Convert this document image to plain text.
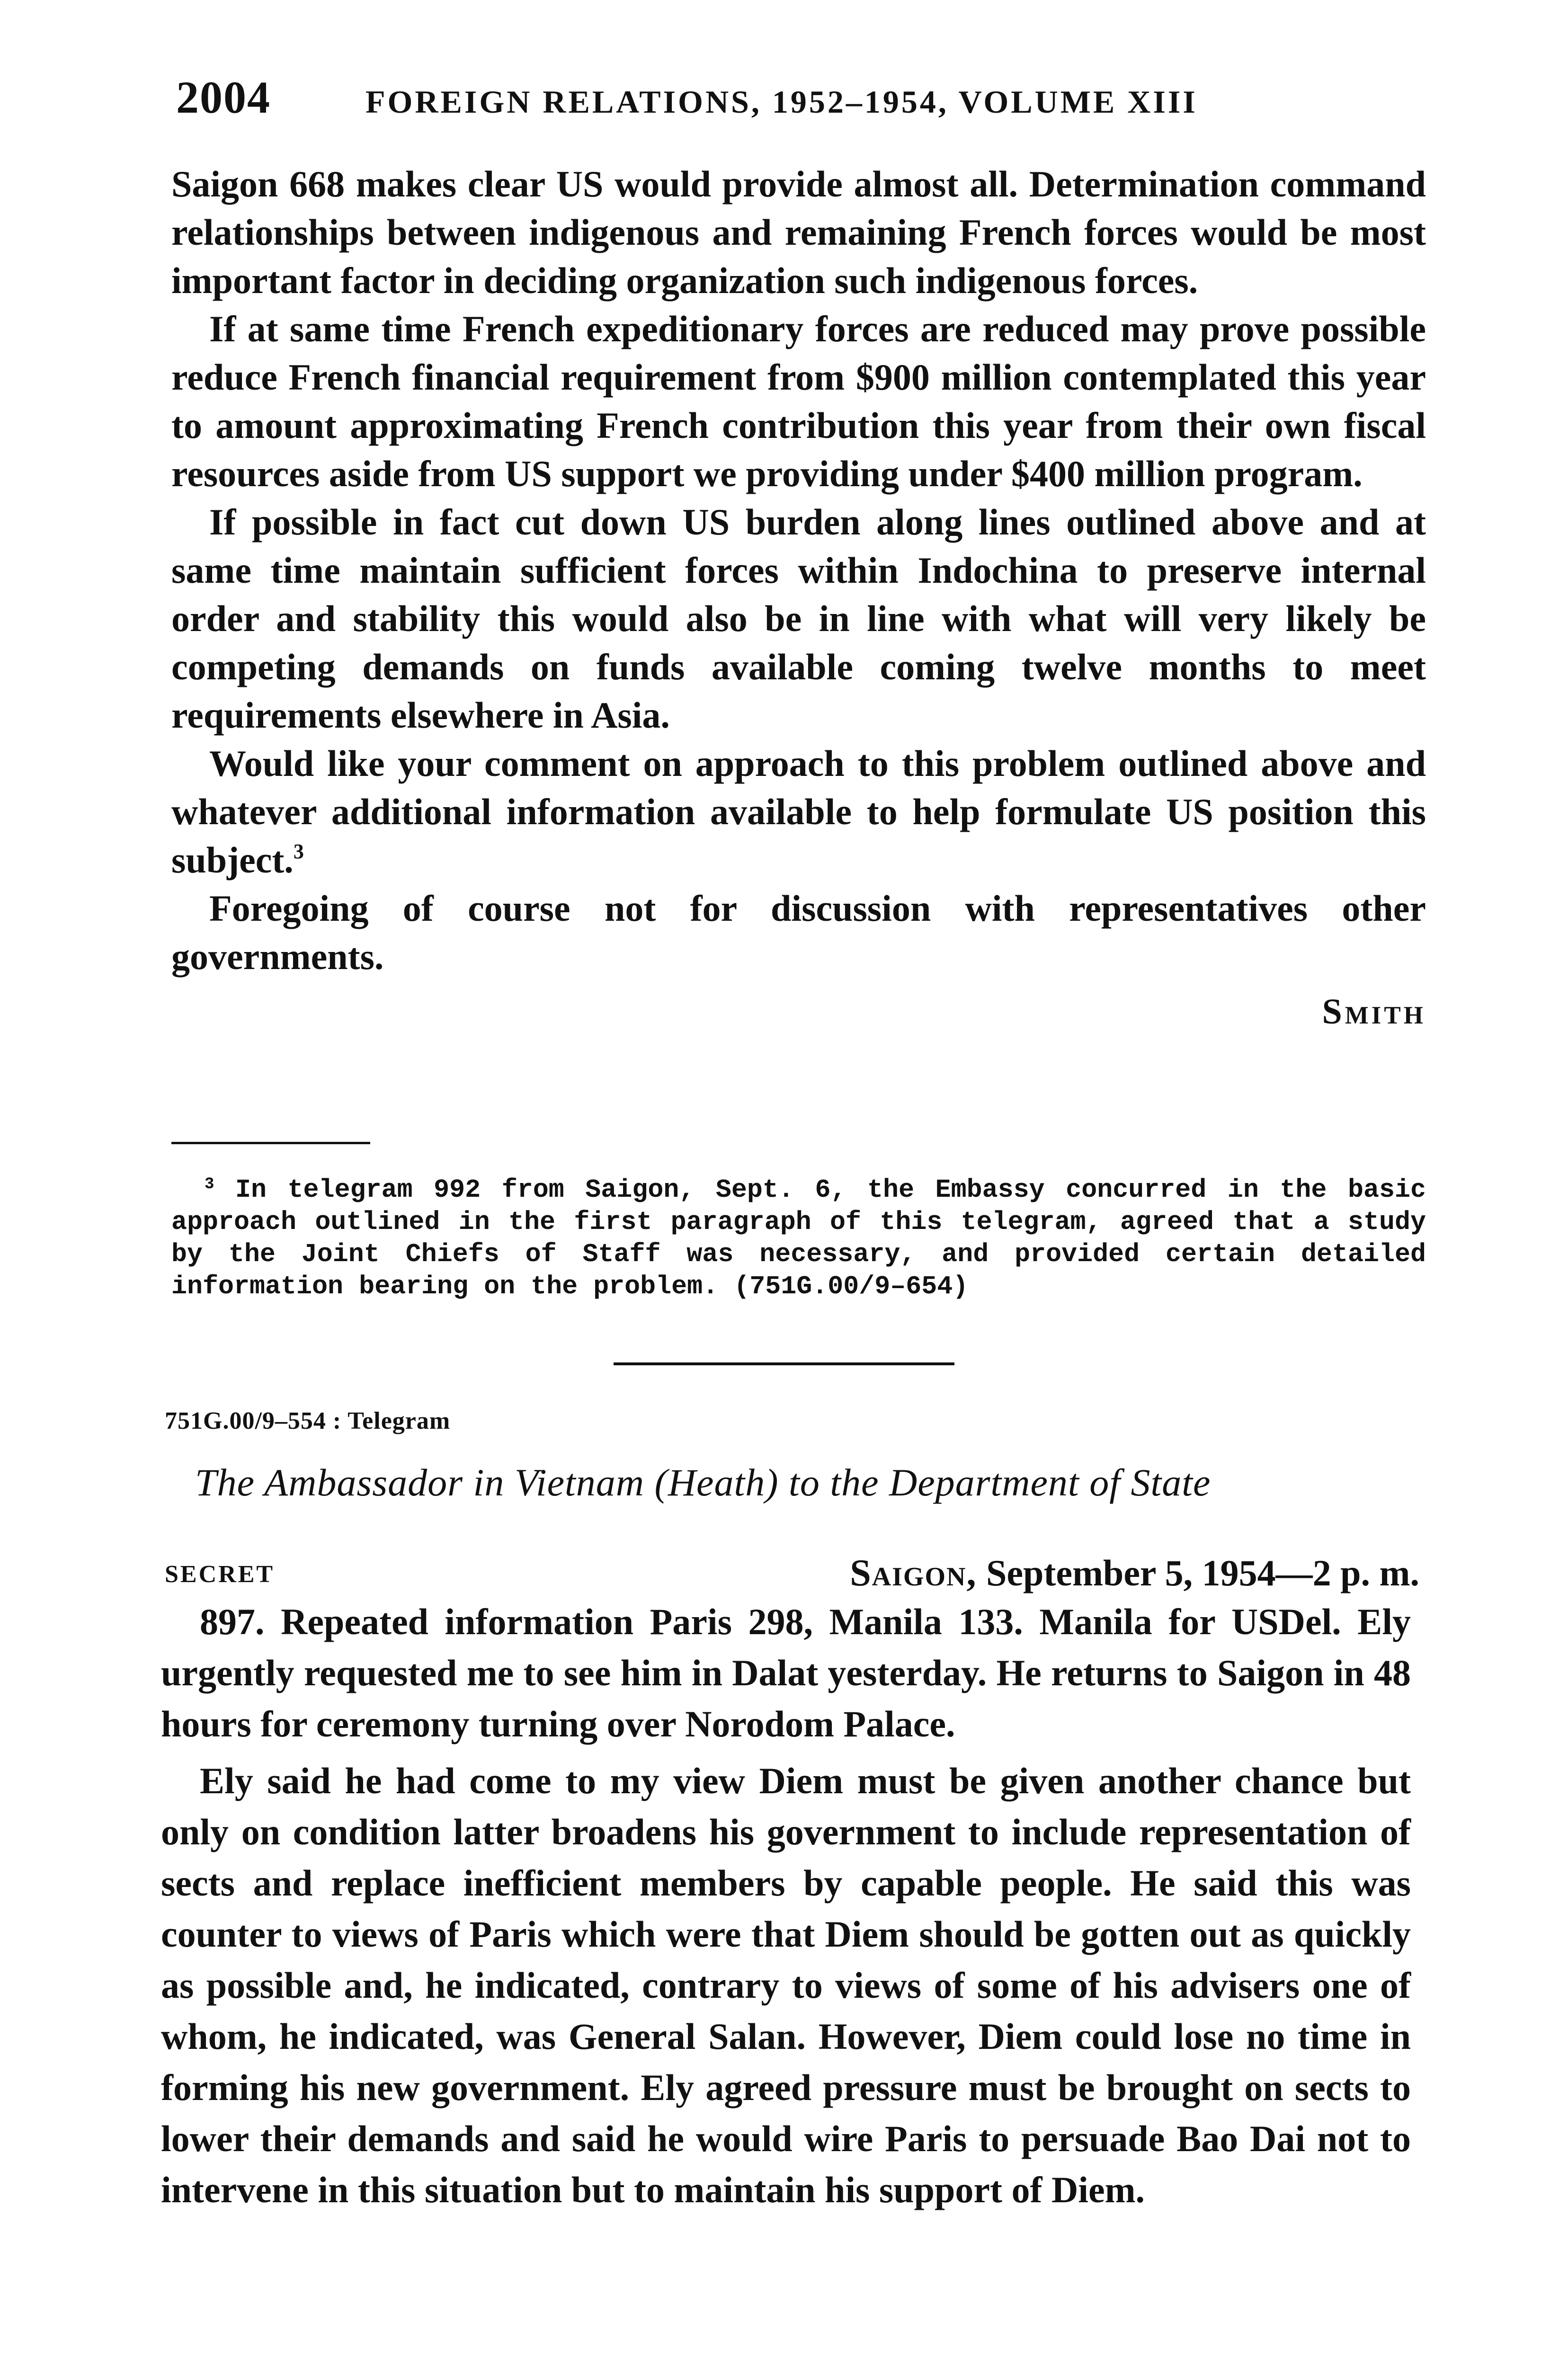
2004	FOREIGN RELATIONS, 1952–1954, VOLUME XIII

Saigon 668 makes clear US would provide almost all. Determination command relationships between indigenous and remaining French forces would be most important factor in deciding organization such indigenous forces.

If at same time French expeditionary forces are reduced may prove possible reduce French financial requirement from $900 million contemplated this year to amount approximating French contribution this year from their own fiscal resources aside from US support we providing under $400 million program.

If possible in fact cut down US burden along lines outlined above and at same time maintain sufficient forces within Indochina to preserve internal order and stability this would also be in line with what will very likely be competing demands on funds available coming twelve months to meet requirements elsewhere in Asia.

Would like your comment on approach to this problem outlined above and whatever additional information available to help formulate US position this subject.$^3$

Foregoing of course not for discussion with representatives other governments.

Smith

$^3$ In telegram 992 from Saigon, Sept. 6, the Embassy concurred in the basic approach outlined in the first paragraph of this telegram, agreed that a study by the Joint Chiefs of Staff was necessary, and provided certain detailed information bearing on the problem. (751G.00/9–654)

751G.00/9–554 : Telegram
The Ambassador in Vietnam (Heath) to the Department of State
SECRET	Saigon, September 5, 1954—2 p. m.

897. Repeated information Paris 298, Manila 133. Manila for USDel. Ely urgently requested me to see him in Dalat yesterday. He returns to Saigon in 48 hours for ceremony turning over Norodom Palace.

Ely said he had come to my view Diem must be given another chance but only on condition latter broadens his government to include representation of sects and replace inefficient members by capable people. He said this was counter to views of Paris which were that Diem should be gotten out as quickly as possible and, he indicated, contrary to views of some of his advisers one of whom, he indicated, was General Salan. However, Diem could lose no time in forming his new government. Ely agreed pressure must be brought on sects to lower their demands and said he would wire Paris to persuade Bao Dai not to intervene in this situation but to maintain his support of Diem.
